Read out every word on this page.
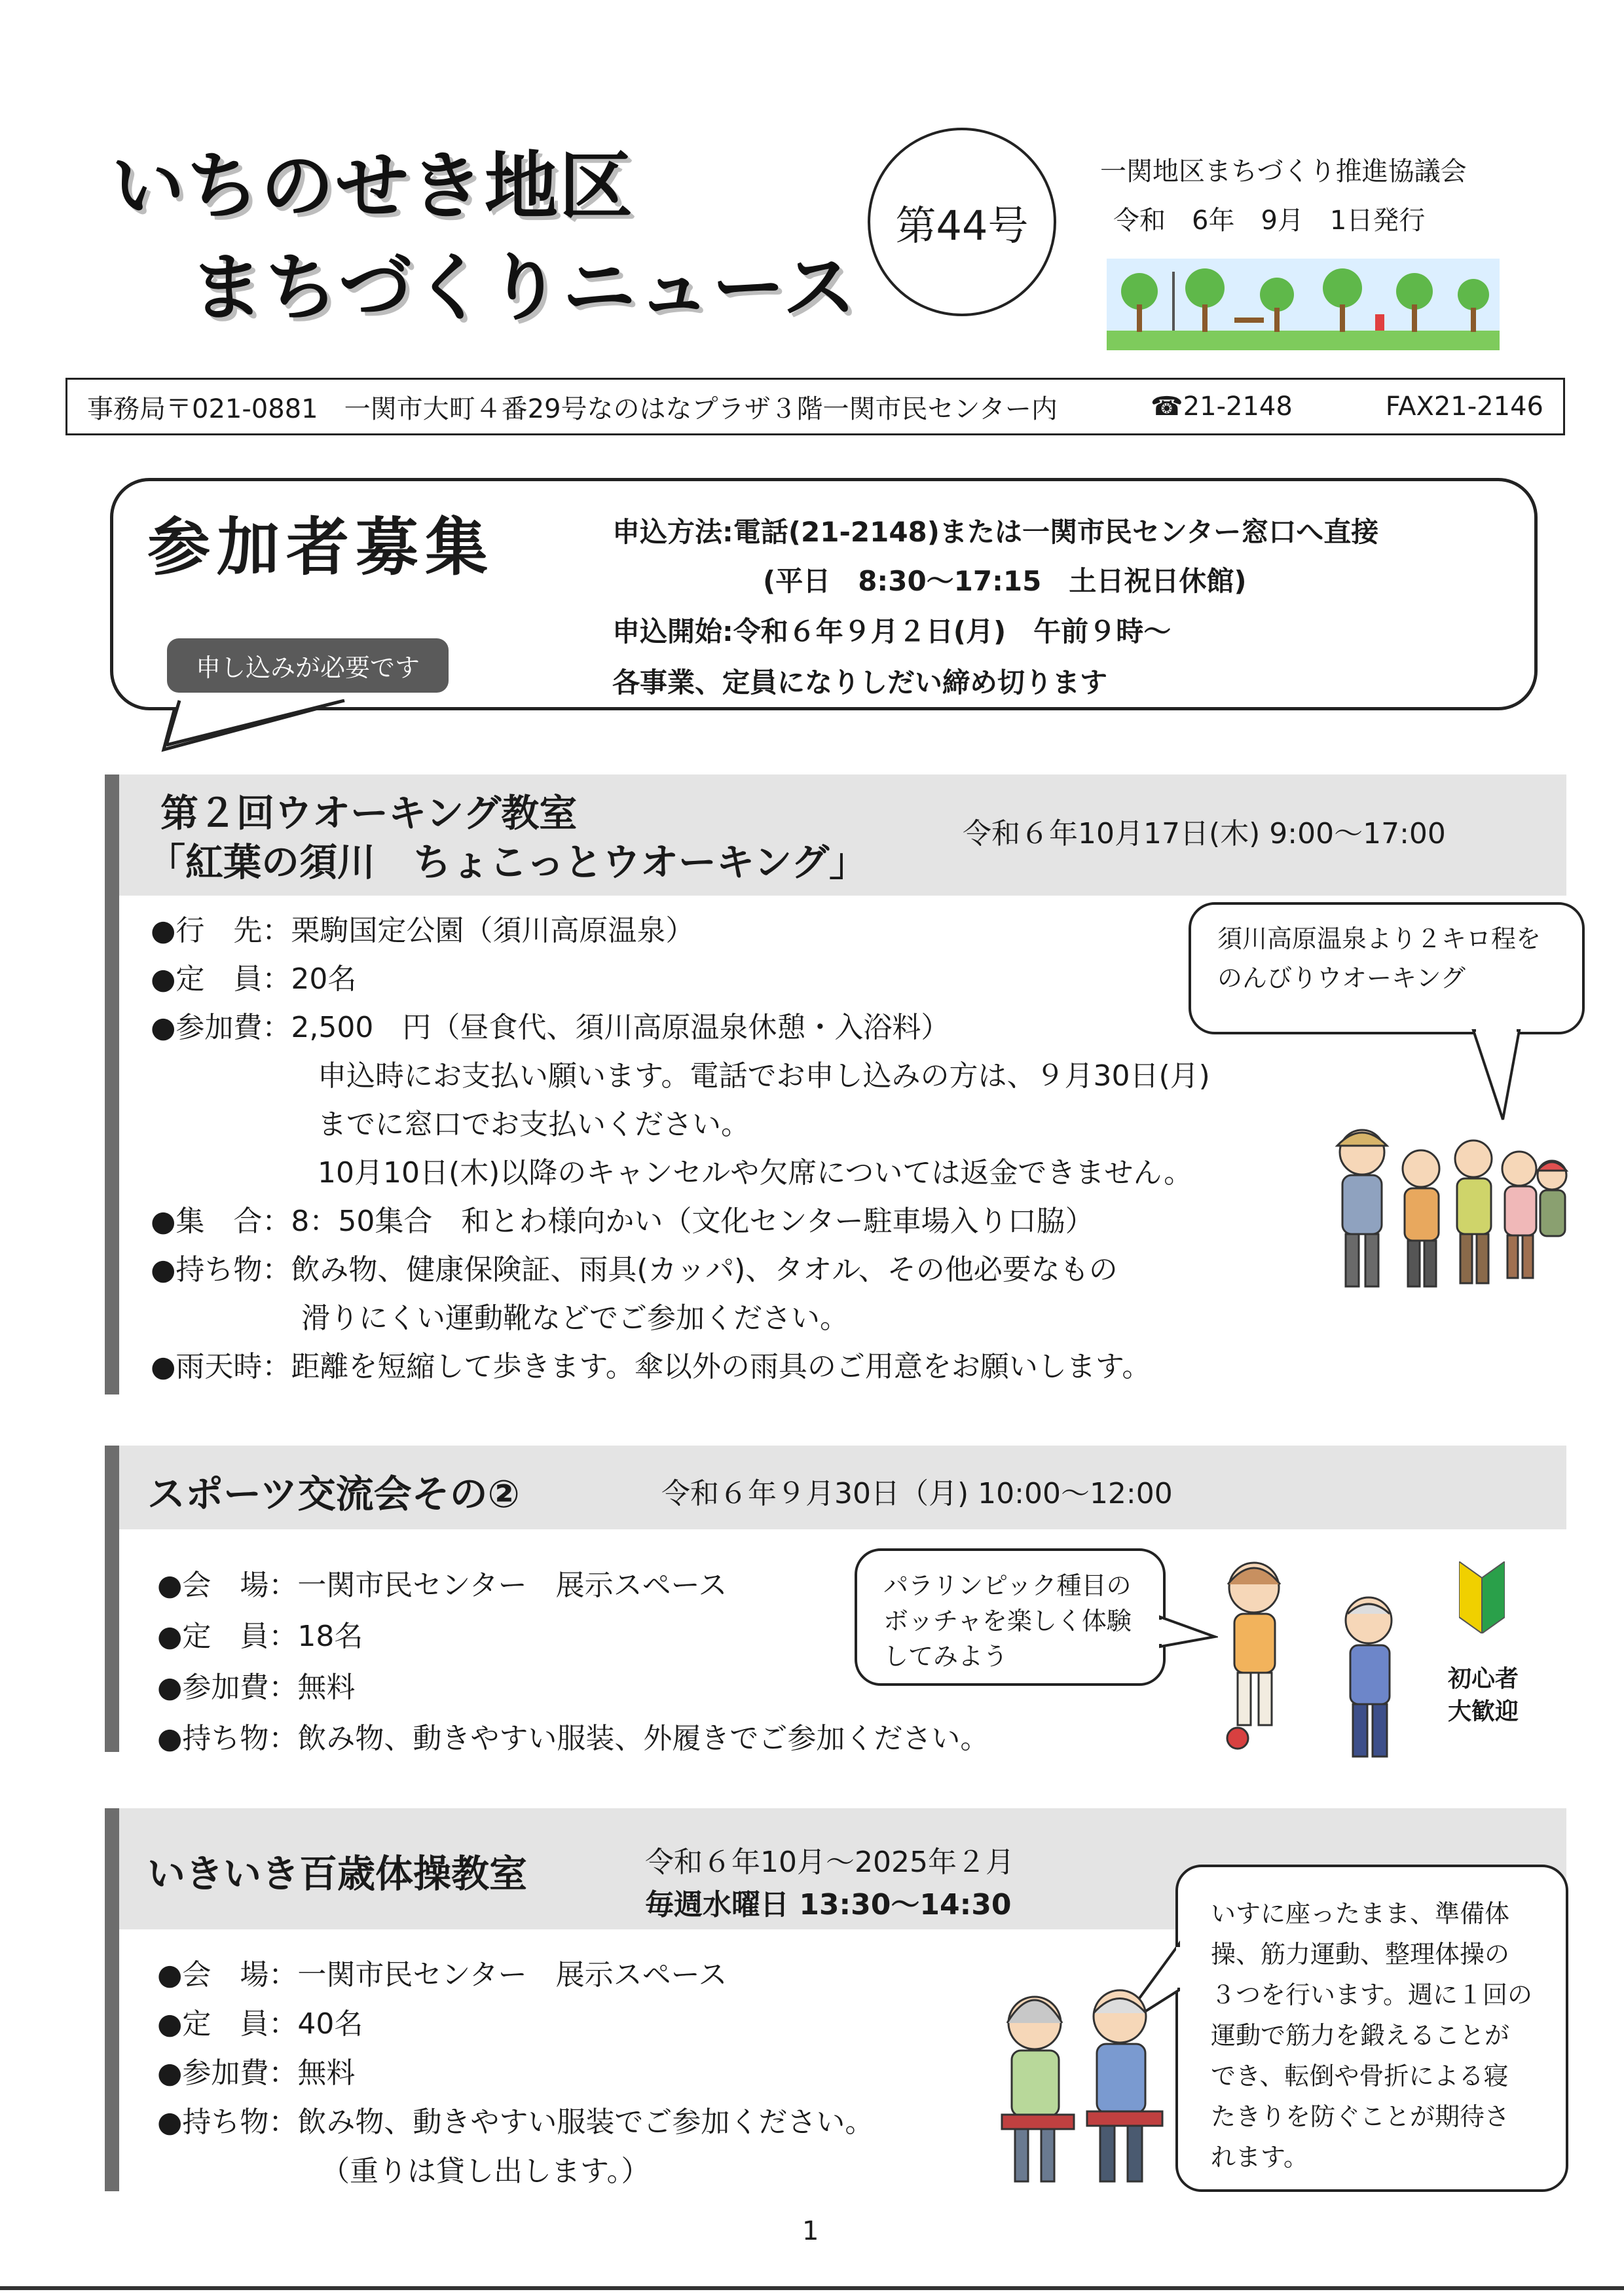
いちのせき地区
まちづくりニュース
第44号
一関地区まちづくり推進協議会
令和　6年　9月　1日発行
事務局〒021-0881　一関市大町４番29号なのはなプラザ３階一関市民センター内	☎21-2148	FAX21-2146
参加者募集
申し込みが必要です
申込方法:電話(21-2148)または一関市民センター窓口へ直接
(平日　8:30～17:15　土日祝日休館)
申込開始:令和６年９月２日(月)　午前９時～
各事業、定員になりしだい締め切ります
第２回ウオーキング教室
「紅葉の須川　ちょこっとウオーキング」
令和６年10月17日(木) 9:00～17:00
●行　先：栗駒国定公園（須川高原温泉）
●定　員：20名
●参加費：2,500　円（昼食代、須川高原温泉休憩・入浴料）
申込時にお支払い願います。電話でお申し込みの方は、９月30日(月)
までに窓口でお支払いください。
10月10日(木)以降のキャンセルや欠席については返金できません。
●集　合：8：50集合　和とわ様向かい（文化センター駐車場入り口脇）
●持ち物：飲み物、健康保険証、雨具(カッパ)、タオル、その他必要なもの
滑りにくい運動靴などでご参加ください。
●雨天時：距離を短縮して歩きます。傘以外の雨具のご用意をお願いします。
須川高原温泉より２キロ程をのんびりウオーキング
スポーツ交流会その②	令和６年９月30日（月) 10:00～12:00
●会　場：一関市民センター　展示スペース
●定　員：18名
●参加費：無料
●持ち物：飲み物、動きやすい服装、外履きでご参加ください。
パラリンピック種目のボッチャを楽しく体験してみよう
初心者
大歓迎
いきいき百歳体操教室	令和６年10月～2025年２月
毎週水曜日 13:30～14:30
●会　場：一関市民センター　展示スペース
●定　員：40名
●参加費：無料
●持ち物：飲み物、動きやすい服装でご参加ください。
（重りは貸し出します。）
いすに座ったまま、準備体操、筋力運動、整理体操の３つを行います。週に１回の運動で筋力を鍛えることができ、転倒や骨折による寝たきりを防ぐことが期待されます。
1
